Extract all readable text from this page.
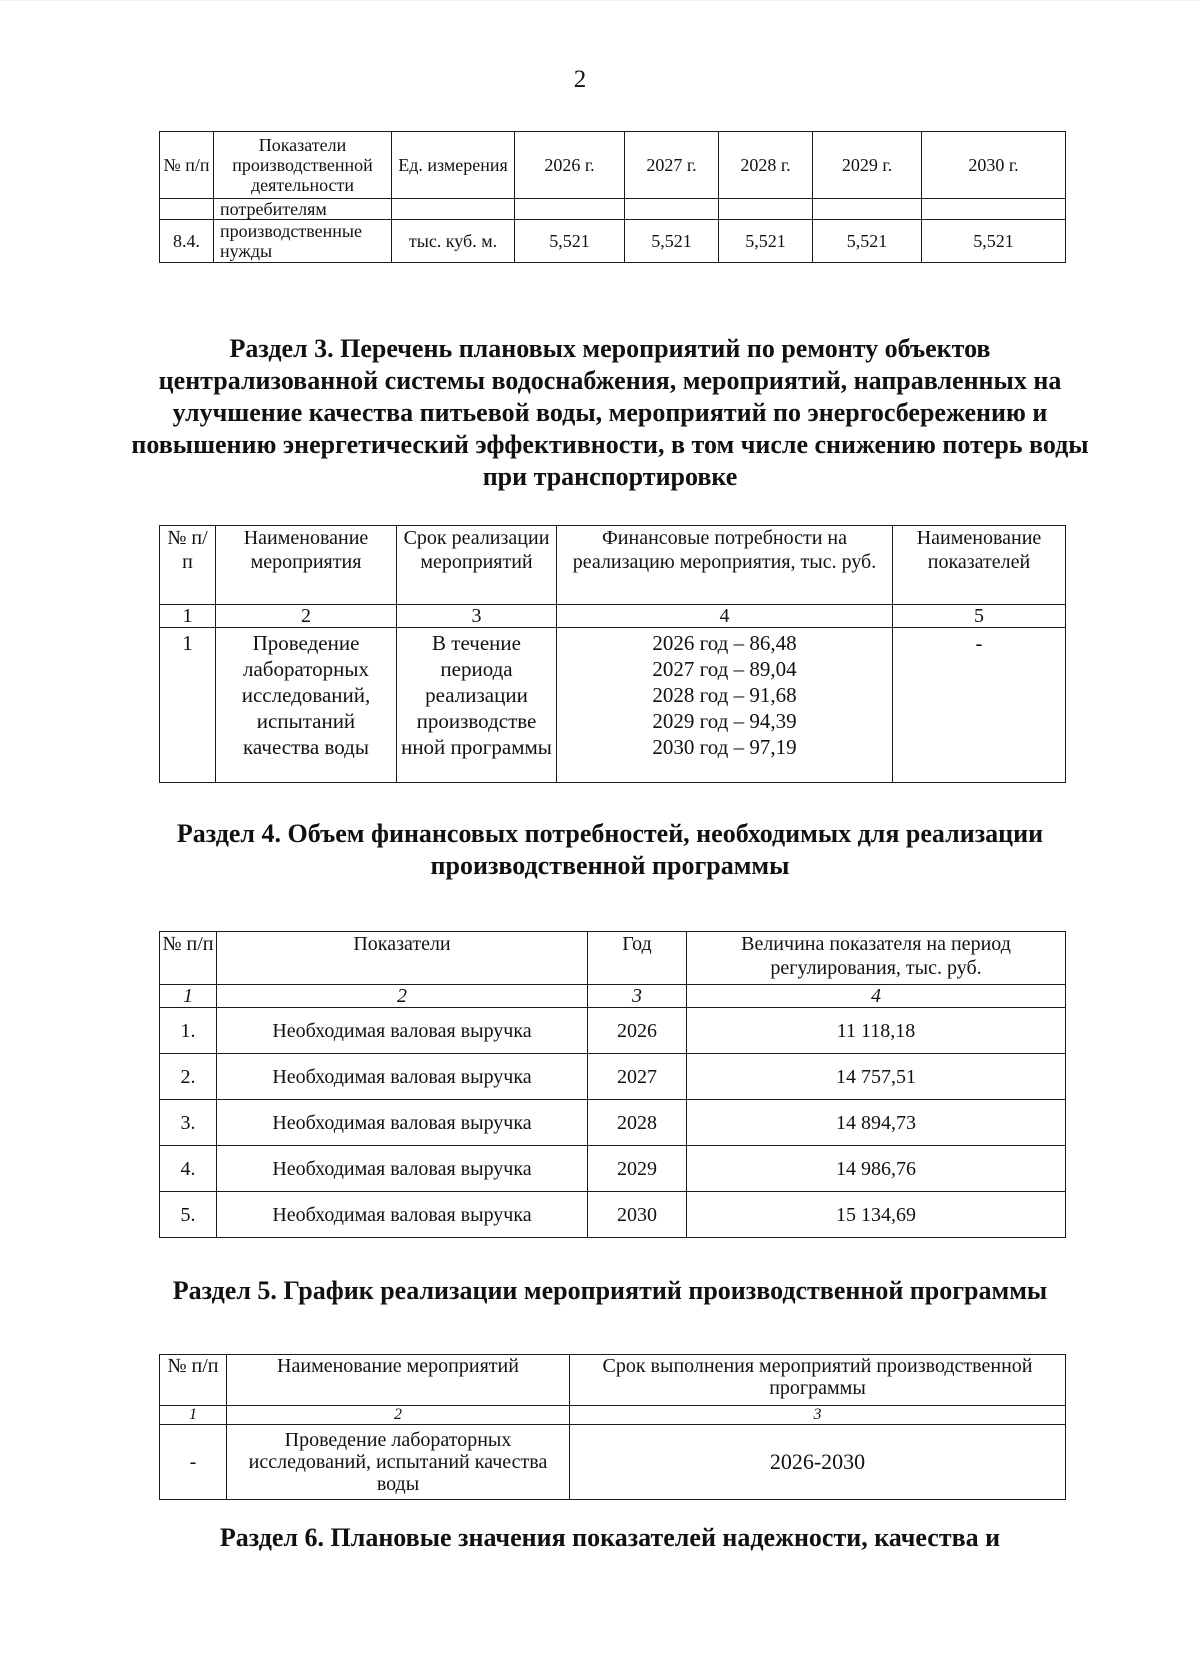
2
№ п/п	Показатели производственной деятельности	Ед. измерения	2026 г.	2027 г.	2028 г.	2029 г.	2030 г.
	потребителям						
8.4.	производственные нужды	тыс. куб. м.	5,521	5,521	5,521	5,521	5,521
Раздел 3. Перечень плановых мероприятий по ремонту объектов централизованной системы водоснабжения, мероприятий, направленных на улучшение качества питьевой воды, мероприятий по энергосбережению и повышению энергетический эффективности, в том числе снижению потерь воды при транспортировке
№ п/п	Наименование мероприятия	Срок реализации мероприятий	Финансовые потребности на реализацию мероприятия, тыс. руб.	Наименование показателей
1	2	3	4	5
1	Проведение лабораторных исследований, испытаний качества воды	В течение периода реализации производстве нной программы	2026 год – 86,48
2027 год – 89,04
2028 год – 91,68
2029 год – 94,39
2030 год – 97,19	-
Раздел 4. Объем финансовых потребностей, необходимых для реализации производственной программы
№ п/п	Показатели	Год	Величина показателя на период регулирования, тыс. руб.
1	2	3	4
1.	Необходимая валовая выручка	2026	11 118,18
2.	Необходимая валовая выручка	2027	14 757,51
3.	Необходимая валовая выручка	2028	14 894,73
4.	Необходимая валовая выручка	2029	14 986,76
5.	Необходимая валовая выручка	2030	15 134,69
Раздел 5. График реализации мероприятий производственной программы
№ п/п	Наименование мероприятий	Срок выполнения мероприятий производственной программы
1	2	3
-	Проведение лабораторных исследований, испытаний качества воды	2026-2030
Раздел 6. Плановые значения показателей надежности, качества и
